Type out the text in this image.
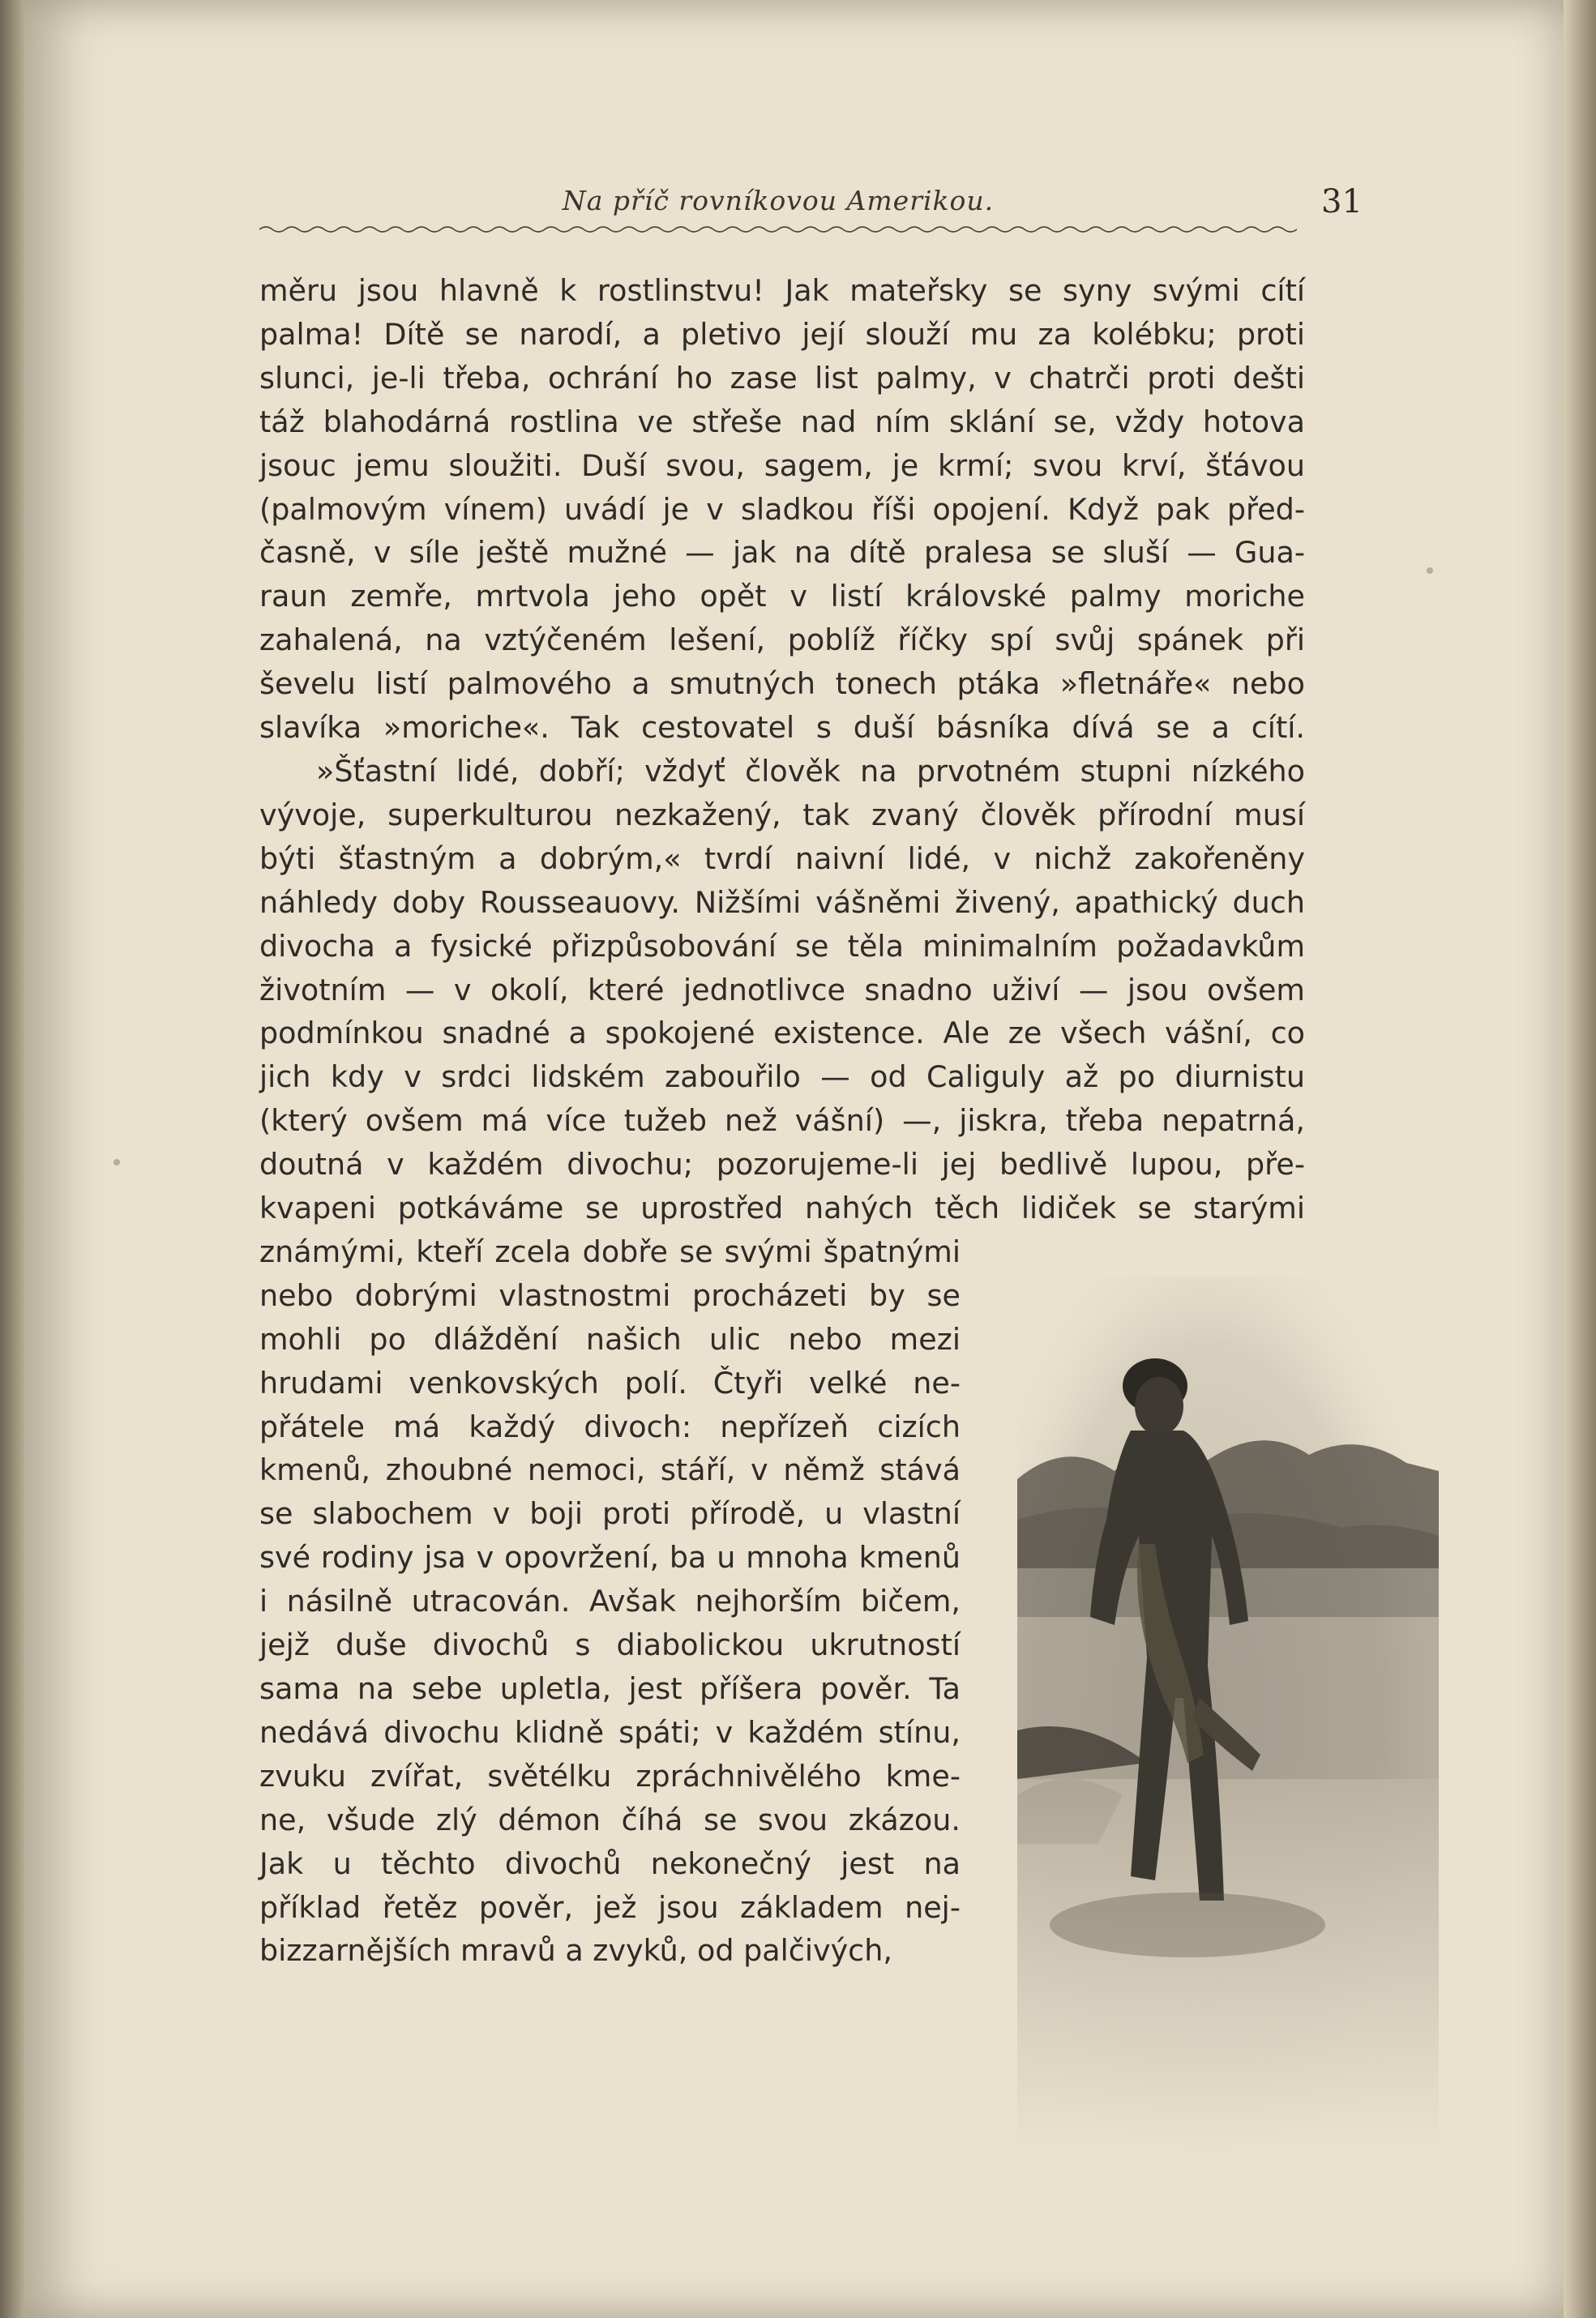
Na příč rovníkovou Amerikou.	31
měru jsou hlavně k rostlinstvu! Jak mateřsky se syny svými cítí
palma! Dítě se narodí, a pletivo její slouží mu za kolébku; proti
slunci, je-li třeba, ochrání ho zase list palmy, v chatrči proti dešti
táž blahodárná rostlina ve střeše nad ním sklání se, vždy hotova
jsouc jemu sloužiti. Duší svou, sagem, je krmí; svou krví, šťávou
(palmovým vínem) uvádí je v sladkou říši opojení. Když pak před-
časně, v síle ještě mužné — jak na dítě pralesa se sluší — Gua-
raun zemře, mrtvola jeho opět v listí královské palmy moriche
zahalená, na vztýčeném lešení, poblíž říčky spí svůj spánek při
ševelu listí palmového a smutných tonech ptáka »fletnáře« nebo
slavíka »moriche«. Tak cestovatel s duší básníka dívá se a cítí.
»Šťastní lidé, dobří; vždyť člověk na prvotném stupni nízkého
vývoje, superkulturou nezkažený, tak zvaný člověk přírodní musí
býti šťastným a dobrým,« tvrdí naivní lidé, v nichž zakořeněny
náhledy doby Rousseauovy. Nižšími vášněmi živený, apathický duch
divocha a fysické přizpůsobování se těla minimalním požadavkům
životním — v okolí, které jednotlivce snadno uživí — jsou ovšem
podmínkou snadné a spokojené existence. Ale ze všech vášní, co
jich kdy v srdci lidském zabouřilo — od Caliguly až po diurnistu
(který ovšem má více tužeb než vášní) —, jiskra, třeba nepatrná,
doutná v každém divochu; pozorujeme-li jej bedlivě lupou, pře-
kvapeni potkáváme se uprostřed nahých těch lidiček se starými
známými, kteří zcela dobře se svými špatnými
nebo dobrými vlastnostmi procházeti by se
mohli po dláždění našich ulic nebo mezi
hrudami venkovských polí. Čtyři velké ne-
přátele má každý divoch: nepřízeň cizích
kmenů, zhoubné nemoci, stáří, v němž stává
se slabochem v boji proti přírodě, u vlastní
své rodiny jsa v opovržení, ba u mnoha kmenů
i násilně utracován. Avšak nejhorším bičem,
jejž duše divochů s diabolickou ukrutností
sama na sebe upletla, jest příšera pověr. Ta
nedává divochu klidně spáti; v každém stínu,
zvuku zvířat, světélku zpráchnivělého kme-
ne, všude zlý démon číhá se svou zkázou.
Jak u těchto divochů nekonečný jest na
příklad řetěz pověr, jež jsou základem nej-
bizzarnějších mravů a zvyků, od palčivých,
